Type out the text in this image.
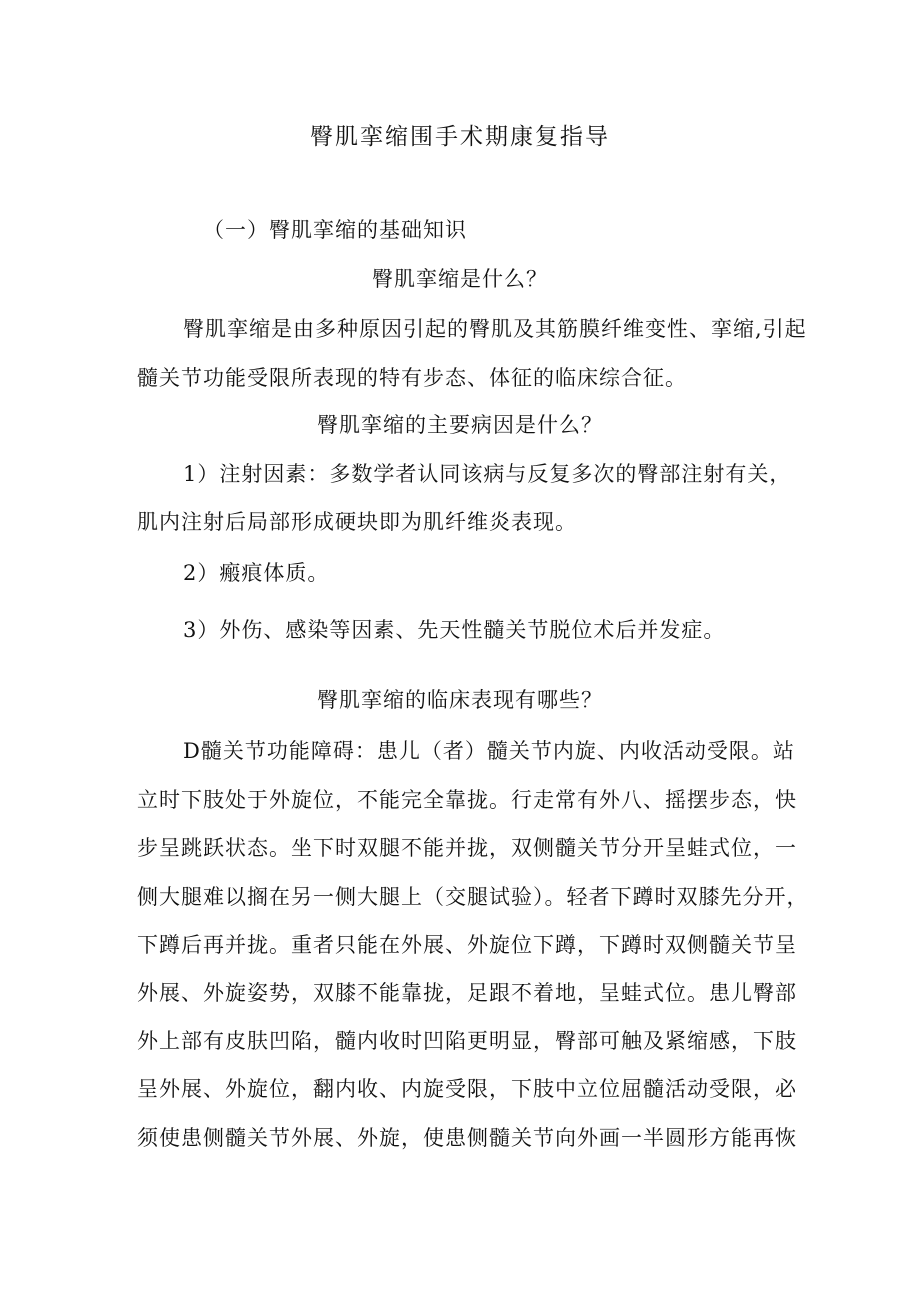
臀肌挛缩围手术期康复指导
（一）臀肌挛缩的基础知识
臀肌挛缩是什么？
臀肌挛缩是由多种原因引起的臀肌及其筋膜纤维变性、挛缩,引起
髓关节功能受限所表现的特有步态、体征的临床综合征。
臀肌挛缩的主要病因是什么？
1）注射因素：多数学者认同该病与反复多次的臀部注射有关，
肌内注射后局部形成硬块即为肌纤维炎表现。
2）瘢痕体质。
3）外伤、感染等因素、先天性髓关节脱位术后并发症。
臀肌挛缩的临床表现有哪些？
D髓关节功能障碍：患儿（者）髓关节内旋、内收活动受限。站
立时下肢处于外旋位，不能完全靠拢。行走常有外八、摇摆步态，快
步呈跳跃状态。坐下时双腿不能并拢，双侧髓关节分开呈蛙式位，一
侧大腿难以搁在另一侧大腿上（交腿试验）。轻者下蹲时双膝先分开，
下蹲后再并拢。重者只能在外展、外旋位下蹲，下蹲时双侧髓关节呈
外展、外旋姿势，双膝不能靠拢，足跟不着地，呈蛙式位。患儿臀部
外上部有皮肤凹陷，髓内收时凹陷更明显，臀部可触及紧缩感，下肢
呈外展、外旋位，翻内收、内旋受限，下肢中立位屈髓活动受限，必
须使患侧髓关节外展、外旋，使患侧髓关节向外画一半圆形方能再恢
